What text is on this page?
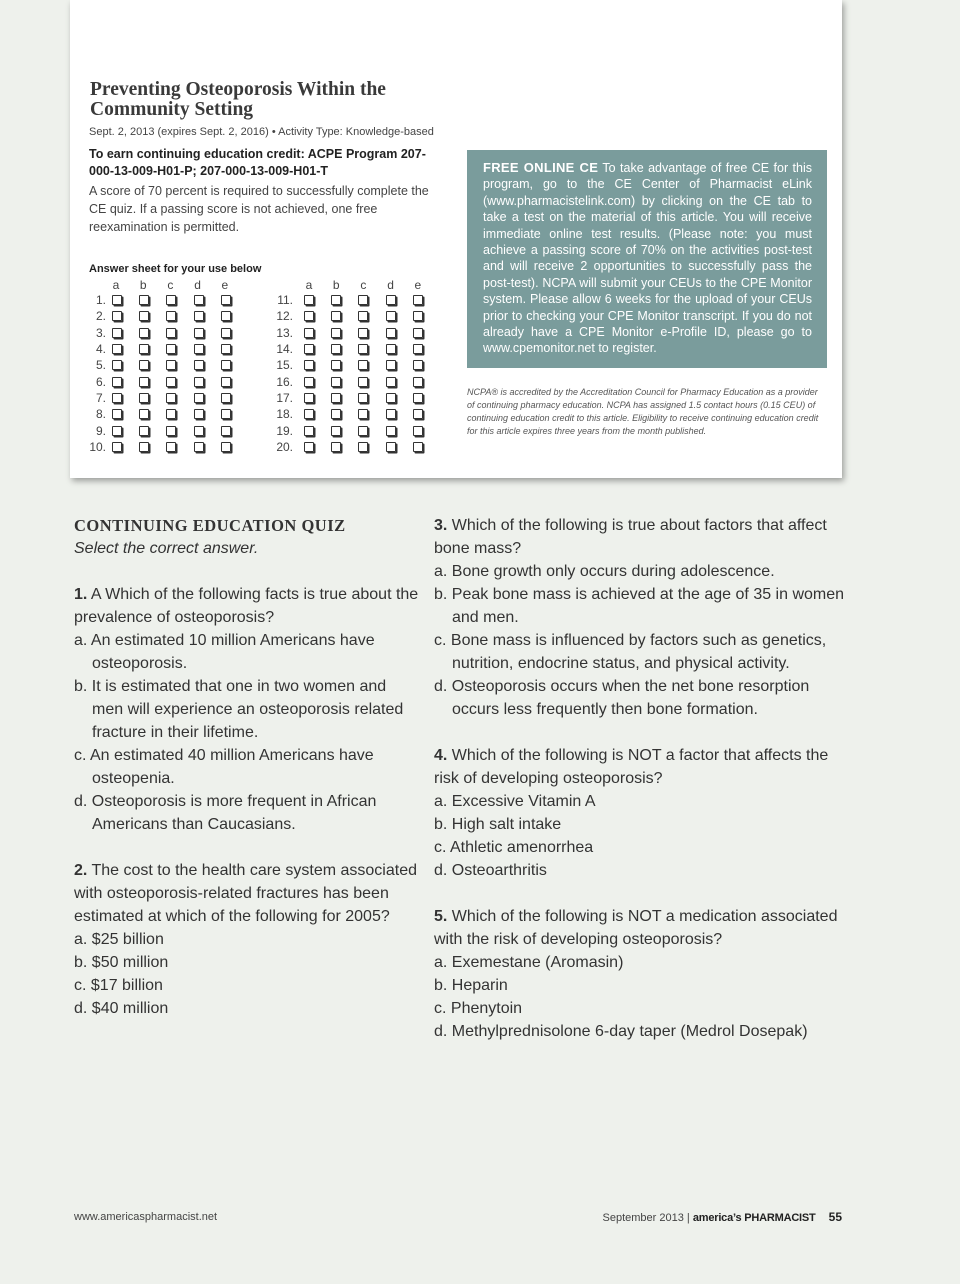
Preventing Osteoporosis Within the Community Setting
Sept. 2, 2013 (expires Sept. 2, 2016) • Activity Type: Knowledge-based
To earn continuing education credit: ACPE Program 207-000-13-009-H01-P; 207-000-13-009-H01-T
A score of 70 percent is required to successfully complete the CE quiz. If a passing score is not achieved, one free reexamination is permitted.
Answer sheet for your use below
a b c d e
1.
2.
3.
4.
5.
6.
7.
8.
9.
10.
a b c d e
11.
12.
13.
14.
15.
16.
17.
18.
19.
20.
FREE ONLINE CE To take advantage of free CE for this program, go to the CE Center of Pharmacist eLink (www.pharmacistelink.com) by clicking on the CE tab to take a test on the material of this article. You will receive immediate online test results. (Please note: you must achieve a passing score of 70% on the activities post-test and will receive 2 opportunities to successfully pass the post-test). NCPA will submit your CEUs to the CPE Monitor system. Please allow 6 weeks for the upload of your CEUs prior to checking your CPE Monitor transcript. If you do not already have a CPE Monitor e-Profile ID, please go to www.cpemonitor.net to register.
NCPA® is accredited by the Accreditation Council for Pharmacy Education as a provider of continuing pharmacy education. NCPA has assigned 1.5 contact hours (0.15 CEU) of continuing education credit to this article. Eligibility to receive continuing education credit for this article expires three years from the month published.

CONTINUING EDUCATION QUIZ

Select the correct answer.

1. A Which of the following facts is true about the prevalence of osteoporosis?

a. An estimated 10 million Americans have osteoporosis.

b. It is estimated that one in two women and men will experience an osteoporosis related fracture in their lifetime.

c. An estimated 40 million Americans have osteopenia.

d. Osteoporosis is more frequent in African Americans than Caucasians.

2. The cost to the health care system associated with osteoporosis-related fractures has been estimated at which of the following for 2005?

a. $25 billion

b. $50 million

c. $17 billion

d. $40 million

3. Which of the following is true about factors that affect bone mass?

a. Bone growth only occurs during adolescence.

b. Peak bone mass is achieved at the age of 35 in women and men.

c. Bone mass is influenced by factors such as genetics, nutrition, endocrine status, and physical activity.

d. Osteoporosis occurs when the net bone resorption occurs less frequently then bone formation.

4. Which of the following is NOT a factor that affects the risk of developing osteoporosis?

a. Excessive Vitamin A

b. High salt intake

c. Athletic amenorrhea

d. Osteoarthritis

5. Which of the following is NOT a medication associated with the risk of developing osteoporosis?

a. Exemestane (Aromasin)

b. Heparin

c. Phenytoin

d. Methylprednisolone 6-day taper (Medrol Dosepak)

www.americaspharmacist.net	September 2013 | america’s PHARMACIST 55
